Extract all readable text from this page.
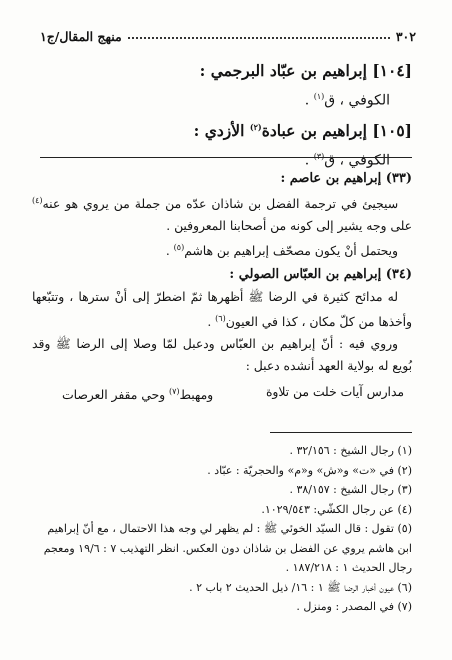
٣٠٢
منهج المقال/ج١
[١٠٤] إبراهيم بن عبّاد البرجمي :
الكوفي ، ق$^{(١)}$ .
[١٠٥] إبراهيم بن عبادة$^{(٢)}$ الأزدي :
الكوفي ، ق$^{(٣)}$ .
(٣٣) إبراهيم بن عاصم :
سيجيئ في ترجمة الفضل بن شاذان عدّه من جملة من يروي هو عنه$^{(٤)}$ على وجه يشير إلى كونه من أصحابنا المعروفين .
ويحتمل أنْ يكون مصحّف إبراهيم بن هاشم$^{(٥)}$ .
(٣٤) إبراهيم بن العبّاس الصولي :
له مدائح كثيرة في الرضا ﷺ أظهرها ثمّ اضطرّ إلى أنْ سترها ، وتتبّعها وأخذها من كلّ مكان ، كذا في العيون$^{(٦)}$ .
وروي فيه : أنّ إبراهيم بن العبّاس ودعبل لمّا وصلا إلى الرضا ﷺ وقد بُويع له بولاية العهد أنشده دعبل :
مدارس آيات خلت من تلاوة
ومهبط$^{(٧)}$ وحي مقفر العرصات
(١) رجال الشيخ : ٣٢/١٥٦ .
(٢) في «ت» و«ش» و«م» والحجريّة : عبّاد .
(٣) رجال الشيخ : ٣٨/١٥٧ .
(٤) عن رجال الكشّي: ١٠٢٩/٥٤٣.
(٥) تقول : قال السيّد الخوئي ﷺ : لم يظهر لي وجه هذا الاحتمال ، مع أنّ إبراهيم ابن هاشم يروي عن الفضل بن شاذان دون العكس. انظر التهذيب ٧ : ١٩/٦ ومعجم رجال الحديث ١ : ١٨٧/٢١٨ .
(٦) عيون أخبار الرضا ﷺ ١ : ١٦/ ذيل الحديث ٢ باب ٢ .
(٧) في المصدر : ومنزل .
